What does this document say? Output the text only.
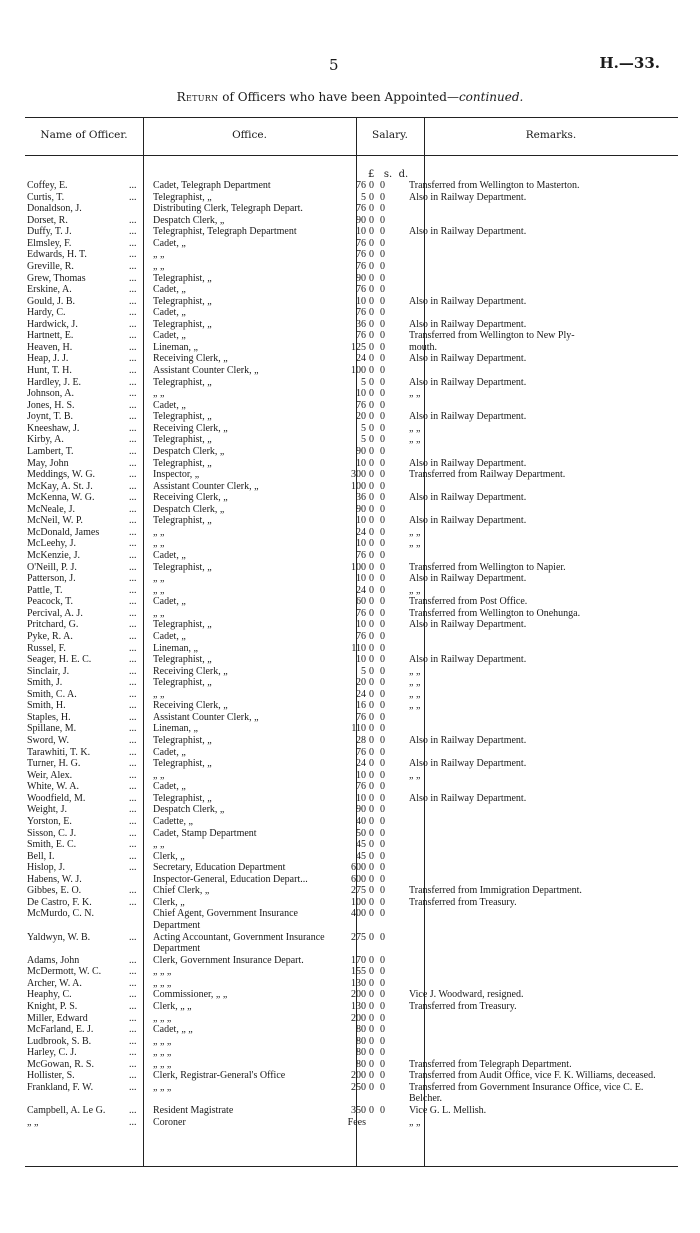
5	H.—33.
Return of Officers who have been Appointed—continued.
Name of Officer.	Office.	Salary.	Remarks.
£   s.  d.
Coffey, E.	...	Cadet, Telegraph Department	76	0	0		Transferred from Wellington to Masterton.
Curtis, T.	...	Telegraphist, „	5	0	0		Also in Railway Department.
Donaldson, J.		Distributing Clerk, Telegraph Depart.	76	0	0		
Dorset, R.	...	Despatch Clerk, „	90	0	0		
Duffy, T. J.	...	Telegraphist, Telegraph Department	10	0	0		Also in Railway Department.
Elmsley, F.	...	Cadet, „	76	0	0		
Edwards, H. T.	...	„ „	76	0	0		
Greville, R.	...	„ „	76	0	0		
Grew, Thomas	...	Telegraphist, „	90	0	0		
Erskine, A.	...	Cadet, „	76	0	0		
Gould, J. B.	...	Telegraphist, „	10	0	0		Also in Railway Department.
Hardy, C.	...	Cadet, „	76	0	0		
Hardwick, J.	...	Telegraphist, „	36	0	0		Also in Railway Department.
Hartnett, E.	...	Cadet, „	76	0	0		Transferred from Wellington to New Ply-
Heaven, H.	...	Lineman, „	125	0	0		mouth.
Heap, J. J.	...	Receiving Clerk, „	24	0	0		Also in Railway Department.
Hunt, T. H.	...	Assistant Counter Clerk, „	100	0	0		
Hardley, J. E.	...	Telegraphist, „	5	0	0		Also in Railway Department.
Johnson, A.	...	„ „	10	0	0		„ „
Jones, H. S.	...	Cadet, „	76	0	0		
Joynt, T. B.	...	Telegraphist, „	20	0	0		Also in Railway Department.
Kneeshaw, J.	...	Receiving Clerk, „	5	0	0		„ „
Kirby, A.	...	Telegraphist, „	5	0	0		„ „
Lambert, T.	...	Despatch Clerk, „	90	0	0		
May, John	...	Telegraphist, „	10	0	0		Also in Railway Department.
Meddings, W. G.	...	Inspector, „	300	0	0		Transferred from Railway Department.
McKay, A. St. J.	...	Assistant Counter Clerk, „	100	0	0		
McKenna, W. G.	...	Receiving Clerk, „	36	0	0		Also in Railway Department.
McNeale, J.	...	Despatch Clerk, „	90	0	0		
McNeil, W. P.	...	Telegraphist, „	10	0	0		Also in Railway Department.
McDonald, James	...	„ „	24	0	0		„ „
McLeehy, J.	...	„ „	10	0	0		„ „
McKenzie, J.	...	Cadet, „	76	0	0		
O'Neill, P. J.	...	Telegraphist, „	100	0	0		Transferred from Wellington to Napier.
Patterson, J.	...	„ „	10	0	0		Also in Railway Department.
Pattle, T.	...	„ „	24	0	0		„ „
Peacock, T.	...	Cadet, „	60	0	0		Transferred from Post Office.
Percival, A. J.	...	„ „	76	0	0		Transferred from Wellington to Onehunga.
Pritchard, G.	...	Telegraphist, „	10	0	0		Also in Railway Department.
Pyke, R. A.	...	Cadet, „	76	0	0		
Russel, F.	...	Lineman, „	110	0	0		
Seager, H. E. C.	...	Telegraphist, „	10	0	0		Also in Railway Department.
Sinclair, J.	...	Receiving Clerk, „	5	0	0		„ „
Smith, J.	...	Telegraphist, „	20	0	0		„ „
Smith, C. A.	...	„ „	24	0	0		„ „
Smith, H.	...	Receiving Clerk, „	16	0	0		„ „
Staples, H.	...	Assistant Counter Clerk, „	76	0	0		
Spillane, M.	...	Lineman, „	110	0	0		
Sword, W.	...	Telegraphist, „	28	0	0		Also in Railway Department.
Tarawhiti, T. K.	...	Cadet, „	76	0	0		
Turner, H. G.	...	Telegraphist, „	24	0	0		Also in Railway Department.
Weir, Alex.	...	„ „	10	0	0		„ „
White, W. A.	...	Cadet, „	76	0	0		
Woodfield, M.	...	Telegraphist, „	10	0	0		Also in Railway Department.
Weight, J.	...	Despatch Clerk, „	90	0	0		
Yorston, E.	...	Cadette, „	40	0	0		
Sisson, C. J.	...	Cadet, Stamp Department	50	0	0		
Smith, E. C.	...	„ „	45	0	0		
Bell, I.	...	Clerk, „	45	0	0		
Hislop, J.	...	Secretary, Education Department	600	0	0		
Habens, W. J.		Inspector-General, Education Depart...	600	0	0		
Gibbes, E. O.	...	Chief Clerk, „	275	0	0		Transferred from Immigration Department.
De Castro, F. K.	...	Clerk, „	100	0	0		Transferred from Treasury.
McMurdo, C. N.		Chief Agent, Government Insurance Department	400	0	0		
Yaldwyn, W. B.	...	Acting Accountant, Government Insurance Department	275	0	0		
Adams, John	...	Clerk, Government Insurance Depart.	170	0	0		
McDermott, W. C.	...	„ „ „	155	0	0		
Archer, W. A.	...	„ „ „	130	0	0		
Heaphy, C.	...	Commissioner, „ „	200	0	0		Vice J. Woodward, resigned.
Knight, P. S.	...	Clerk, „ „	130	0	0		Transferred from Treasury.
Miller, Edward	...	„ „ „	200	0	0		
McFarland, E. J.	...	Cadet, „ „	80	0	0		
Ludbrook, S. B.	...	„ „ „	80	0	0		
Harley, C. J.	...	„ „ „	80	0	0		
McGowan, R. S.	...	„ „ „	80	0	0		Transferred from Telegraph Department.
Hollister, S.	...	Clerk, Registrar-General's Office	200	0	0		Transferred from Audit Office, vice F. K. Williams, deceased.
Frankland, F. W.	...	„ „ „	250	0	0		Transferred from Government Insurance Office, vice C. E. Belcher.
Campbell, A. Le G.	...	Resident Magistrate	350	0	0		Vice G. L. Mellish.
„ „	...	Coroner	Fees				„ „
